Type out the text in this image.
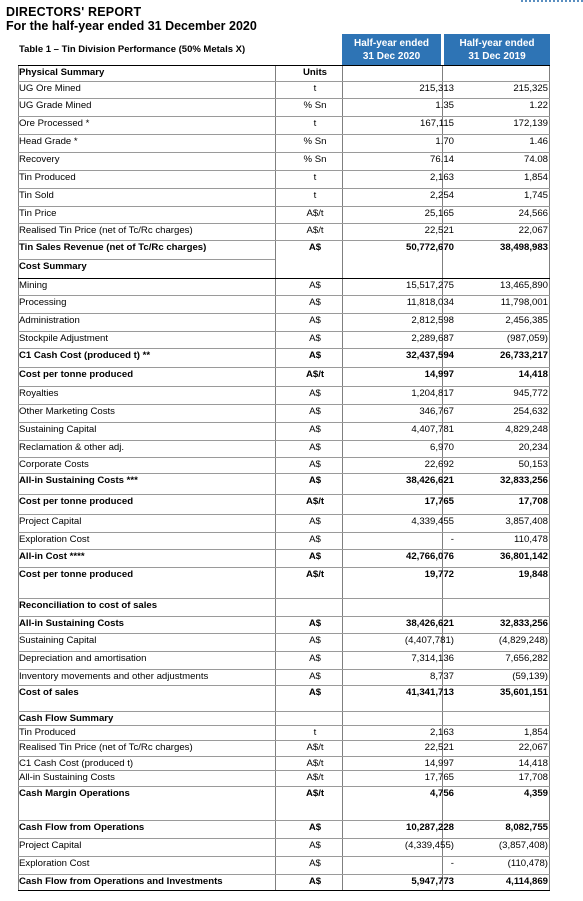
DIRECTORS' REPORT
For the half-year ended 31 December 2020
Table 1 – Tin Division Performance (50% Metals X)
Half-year ended
31 Dec 2020
Half-year ended
31 Dec 2019
Physical Summary	Units
UG Ore Mined	t	215,313	215,325
UG Grade Mined	% Sn	1.35	1.22
Ore Processed *	t	167,115	172,139
Head Grade *	% Sn	1.70	1.46
Recovery	% Sn	76.14	74.08
Tin Produced	t	2,163	1,854
Tin Sold	t	2,254	1,745
Tin Price	A$/t	25,165	24,566
Realised Tin Price (net of Tc/Rc charges)	A$/t	22,521	22,067
Tin Sales Revenue (net of Tc/Rc charges)	A$	50,772,670	38,498,983
Cost Summary
Mining	A$	15,517,275	13,465,890
Processing	A$	11,818,034	11,798,001
Administration	A$	2,812,598	2,456,385
Stockpile Adjustment	A$	2,289,687	(987,059)
C1 Cash Cost (produced t) **	A$	32,437,594	26,733,217
Cost per tonne produced	A$/t	14,997	14,418
Royalties	A$	1,204,817	945,772
Other Marketing Costs	A$	346,767	254,632
Sustaining Capital	A$	4,407,781	4,829,248
Reclamation & other adj.	A$	6,970	20,234
Corporate Costs	A$	22,692	50,153
All-in Sustaining Costs ***	A$	38,426,621	32,833,256
Cost per tonne produced	A$/t	17,765	17,708
Project Capital	A$	4,339,455	3,857,408
Exploration Cost	A$	-	110,478
All-in Cost ****	A$	42,766,076	36,801,142
Cost per tonne produced	A$/t	19,772	19,848
Reconciliation to cost of sales
All-in Sustaining Costs	A$	38,426,621	32,833,256
Sustaining Capital	A$	(4,407,781)	(4,829,248)
Depreciation and amortisation	A$	7,314,136	7,656,282
Inventory movements and other adjustments	A$	8,737	(59,139)
Cost of sales	A$	41,341,713	35,601,151
Cash Flow Summary
Tin Produced	t	2,163	1,854
Realised Tin Price (net of Tc/Rc charges)	A$/t	22,521	22,067
C1 Cash Cost (produced t)	A$/t	14,997	14,418
All-in Sustaining Costs	A$/t	17,765	17,708
Cash Margin Operations	A$/t	4,756	4,359
Cash Flow from Operations	A$	10,287,228	8,082,755
Project Capital	A$	(4,339,455)	(3,857,408)
Exploration Cost	A$	-	(110,478)
Cash Flow from Operations and Investments	A$	5,947,773	4,114,869
